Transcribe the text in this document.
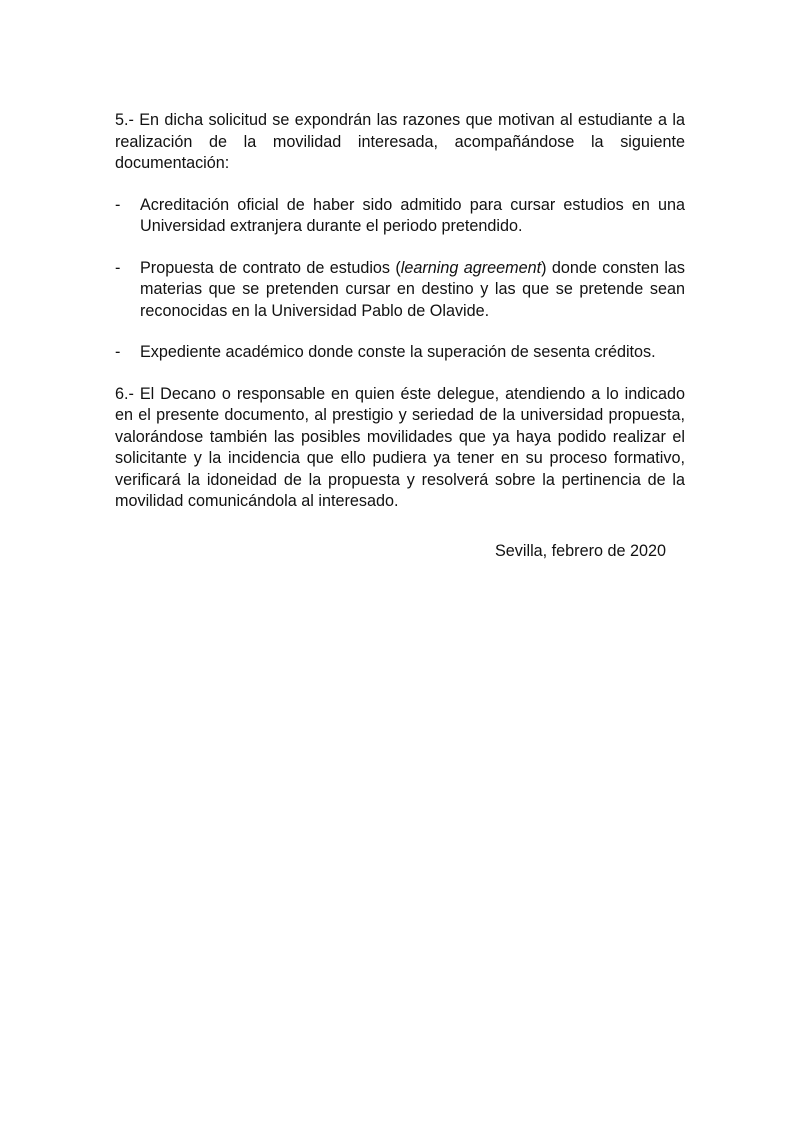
5.- En dicha solicitud se expondrán las razones que motivan al estudiante a la realización de la movilidad interesada, acompañándose la siguiente documentación:

-	Acreditación oficial de haber sido admitido para cursar estudios en una Universidad extranjera durante el periodo pretendido.
-	Propuesta de contrato de estudios (learning agreement) donde consten las materias que se pretenden cursar en destino y las que se pretende sean reconocidas en la Universidad Pablo de Olavide.
-	Expediente académico donde conste la superación de sesenta créditos.

6.- El Decano o responsable en quien éste delegue, atendiendo a lo indicado en el presente documento, al prestigio y seriedad de la universidad propuesta, valorándose también las posibles movilidades que ya haya podido realizar el solicitante y la incidencia que ello pudiera ya tener en su proceso formativo, verificará la idoneidad de la propuesta y resolverá sobre la pertinencia de la movilidad comunicándola al interesado.

Sevilla, febrero de 2020
